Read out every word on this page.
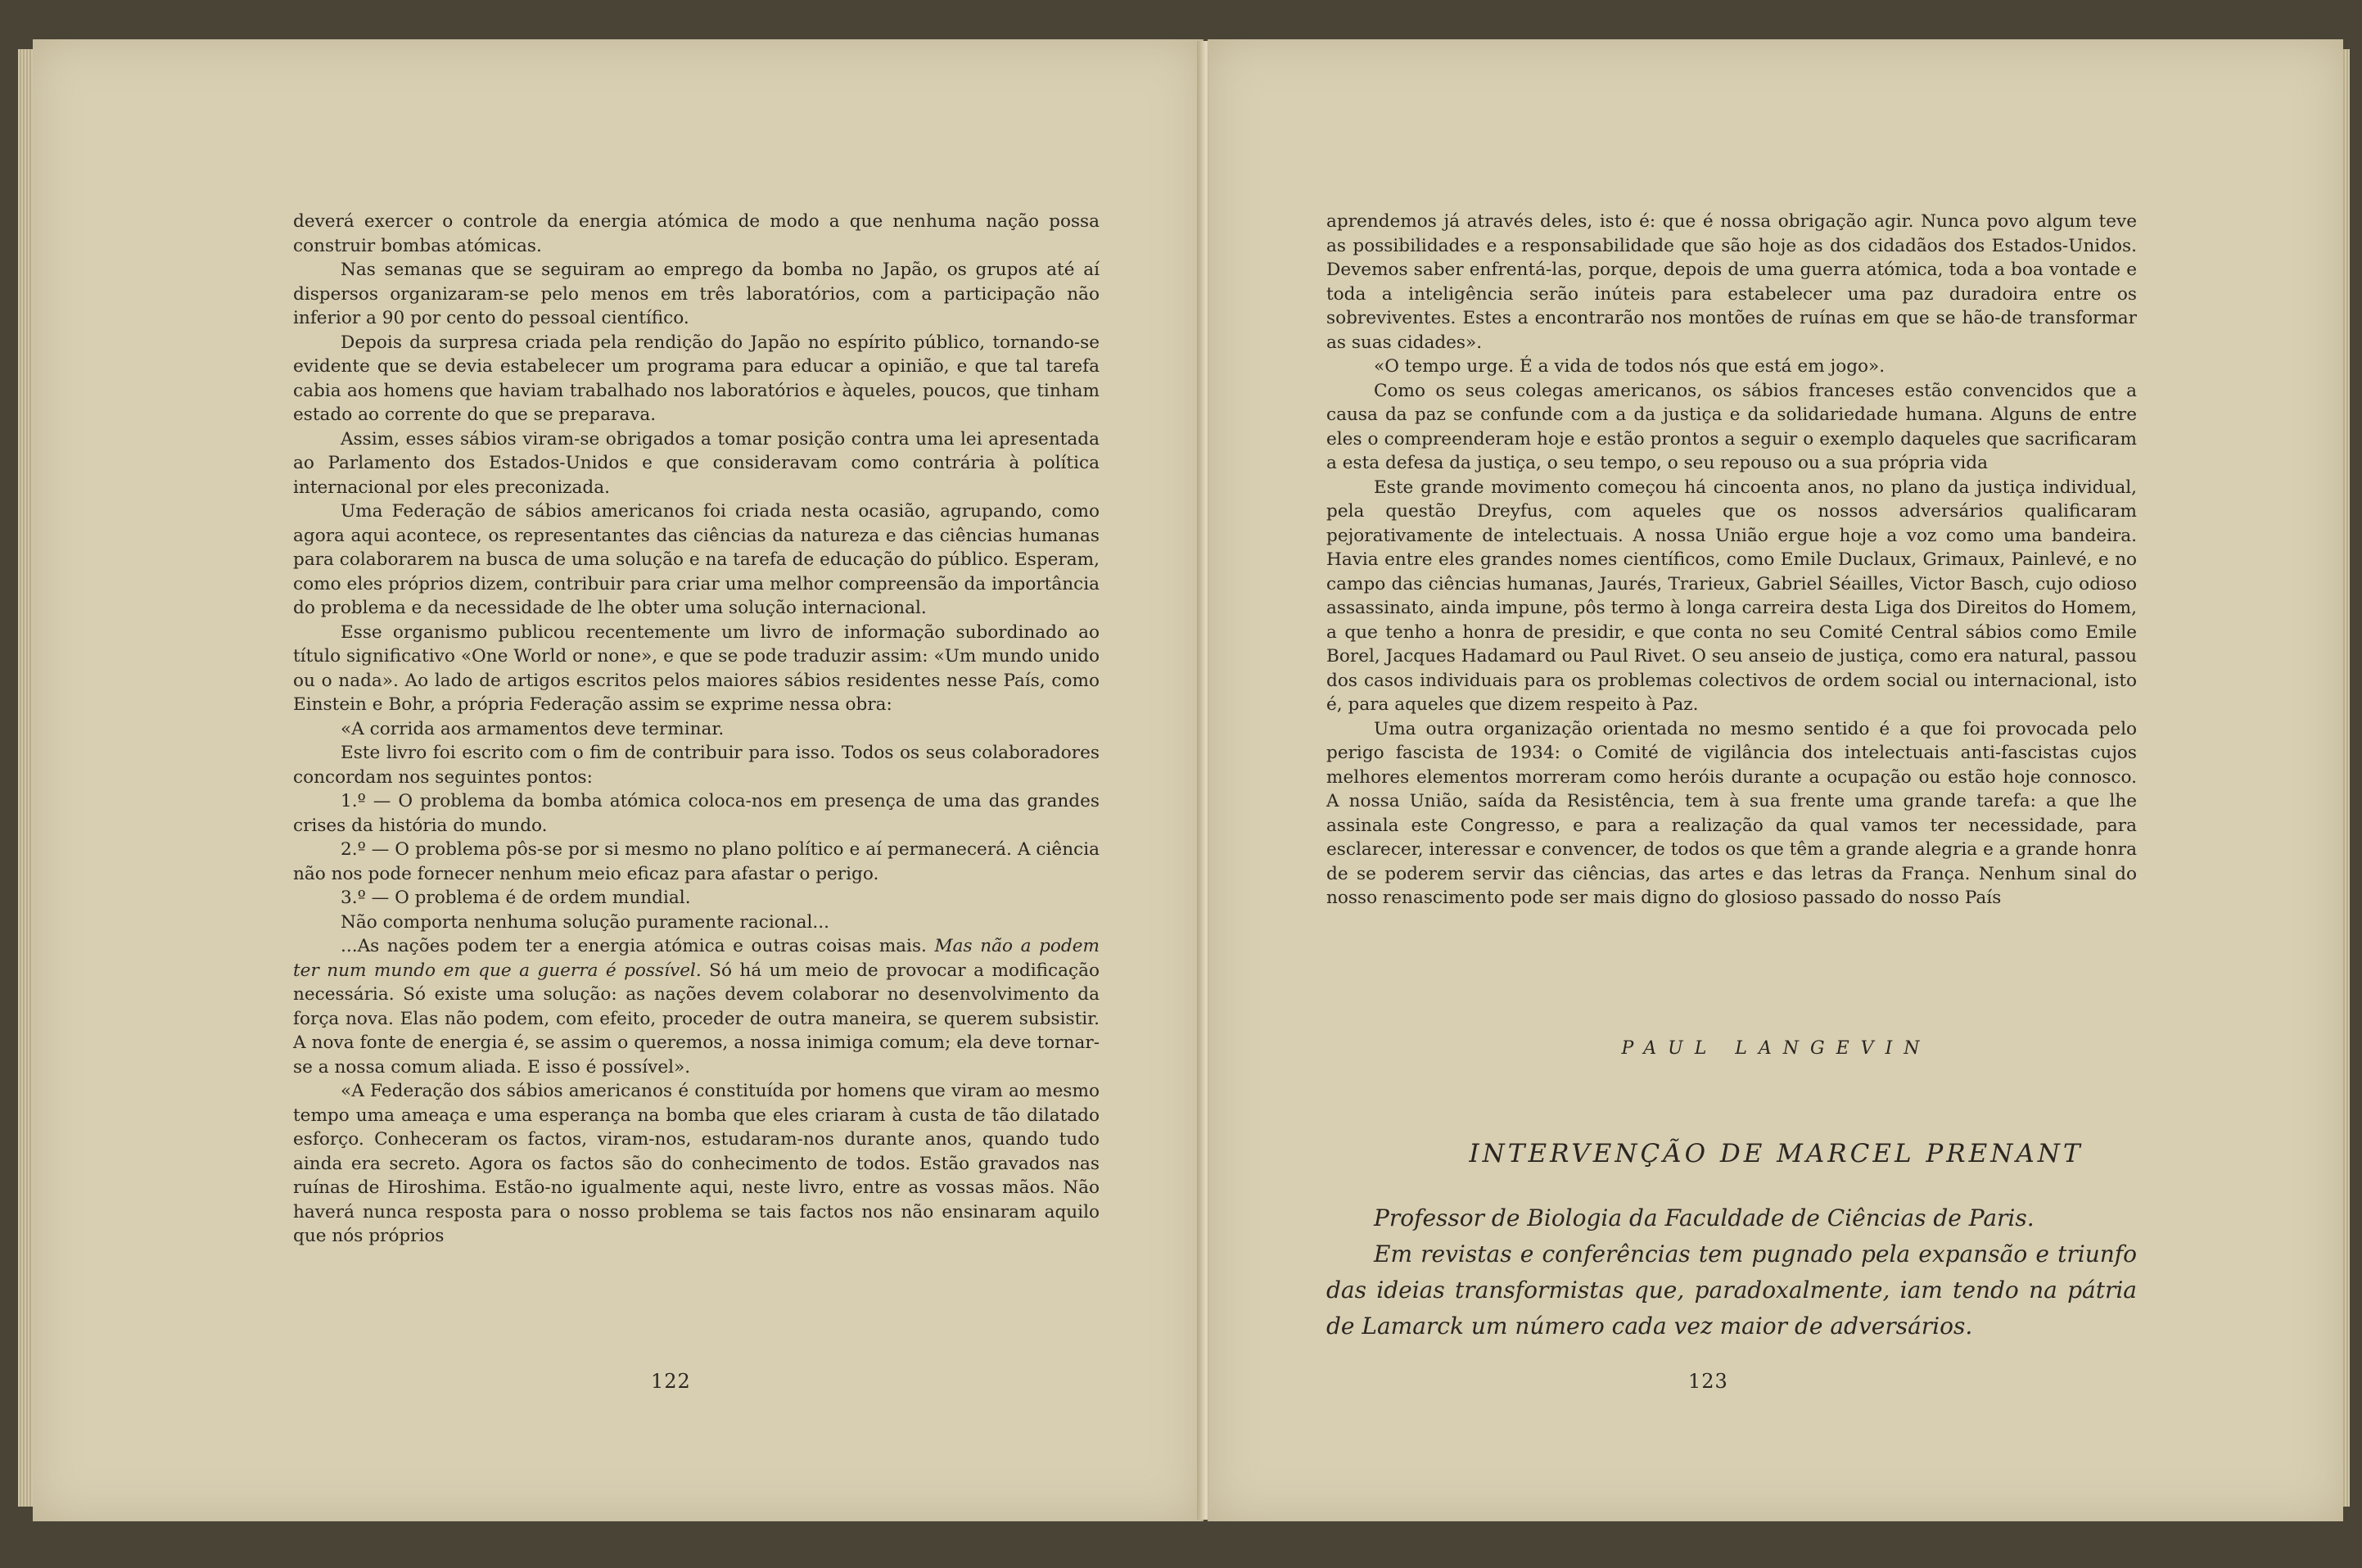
deverá exercer o controle da energia atómica de modo a que nenhuma nação possa construir bombas atómicas.

Nas semanas que se seguiram ao emprego da bomba no Japão, os grupos até aí dispersos organizaram-se pelo menos em três laboratórios, com a participação não inferior a 90 por cento do pessoal científico.

Depois da surpresa criada pela rendição do Japão no espírito público, tornando-se evidente que se devia estabelecer um programa para educar a opinião, e que tal tarefa cabia aos homens que haviam trabalhado nos laboratórios e àqueles, poucos, que tinham estado ao corrente do que se preparava.

Assim, esses sábios viram-se obrigados a tomar posição contra uma lei apresentada ao Parlamento dos Estados-Unidos e que consideravam como contrária à política internacional por eles preconizada.

Uma Federação de sábios americanos foi criada nesta ocasião, agrupando, como agora aqui acontece, os representantes das ciências da natureza e das ciências humanas para colaborarem na busca de uma solução e na tarefa de educação do público. Esperam, como eles próprios dizem, contribuir para criar uma melhor compreensão da importância do problema e da necessidade de lhe obter uma solução internacional.

Esse organismo publicou recentemente um livro de informação subordinado ao título significativo «One World or none», e que se pode traduzir assim: «Um mundo unido ou o nada». Ao lado de artigos escritos pelos maiores sábios residentes nesse País, como Einstein e Bohr, a própria Federação assim se exprime nessa obra:

«A corrida aos armamentos deve terminar.

Este livro foi escrito com o fim de contribuir para isso. Todos os seus colaboradores concordam nos seguintes pontos:

1.º — O problema da bomba atómica coloca-nos em presença de uma das grandes crises da história do mundo.

2.º — O problema pôs-se por si mesmo no plano político e aí permanecerá. A ciência não nos pode fornecer nenhum meio eficaz para afastar o perigo.

3.º — O problema é de ordem mundial.

Não comporta nenhuma solução puramente racional...

...As nações podem ter a energia atómica e outras coisas mais. Mas não a podem ter num mundo em que a guerra é possível. Só há um meio de provocar a modificação necessária. Só existe uma solução: as nações devem colaborar no desenvolvimento da força nova. Elas não podem, com efeito, proceder de outra maneira, se querem subsistir. A nova fonte de energia é, se assim o queremos, a nossa inimiga comum; ela deve tornar-se a nossa comum aliada. E isso é possível».

«A Federação dos sábios americanos é constituída por homens que viram ao mesmo tempo uma ameaça e uma esperança na bomba que eles criaram à custa de tão dilatado esforço. Conheceram os factos, viram-nos, estudaram-nos durante anos, quando tudo ainda era secreto. Agora os factos são do conhecimento de todos. Estão gravados nas ruínas de Hiroshima. Estão-no igualmente aqui, neste livro, entre as vossas mãos. Não haverá nunca resposta para o nosso problema se tais factos nos não ensinaram aquilo que nós próprios

122

aprendemos já através deles, isto é: que é nossa obrigação agir. Nunca povo algum teve as possibilidades e a responsabilidade que são hoje as dos cidadãos dos Estados-Unidos. Devemos saber enfrentá-las, porque, depois de uma guerra atómica, toda a boa vontade e toda a inteligência serão inúteis para estabelecer uma paz duradoira entre os sobreviventes. Estes a encontrarão nos montões de ruínas em que se hão-de transformar as suas cidades».

«O tempo urge. É a vida de todos nós que está em jogo».

Como os seus colegas americanos, os sábios franceses estão convencidos que a causa da paz se confunde com a da justiça e da solidariedade humana. Alguns de entre eles o compreenderam hoje e estão prontos a seguir o exemplo daqueles que sacrificaram a esta defesa da justiça, o seu tempo, o seu repouso ou a sua própria vida

Este grande movimento começou há cincoenta anos, no plano da justiça individual, pela questão Dreyfus, com aqueles que os nossos adversários qualificaram pejorativamente de intelectuais. A nossa União ergue hoje a voz como uma bandeira. Havia entre eles grandes nomes científicos, como Emile Duclaux, Grimaux, Painlevé, e no campo das ciências humanas, Jaurés, Trarieux, Gabriel Séailles, Victor Basch, cujo odioso assassinato, ainda impune, pôs termo à longa carreira desta Liga dos Direitos do Homem, a que tenho a honra de presidir, e que conta no seu Comité Central sábios como Emile Borel, Jacques Hadamard ou Paul Rivet. O seu anseio de justiça, como era natural, passou dos casos individuais para os problemas colectivos de ordem social ou internacional, isto é, para aqueles que dizem respeito à Paz.

Uma outra organização orientada no mesmo sentido é a que foi provocada pelo perigo fascista de 1934: o Comité de vigilância dos intelectuais anti-fascistas cujos melhores elementos morreram como heróis durante a ocupação ou estão hoje connosco. A nossa União, saída da Resistência, tem à sua frente uma grande tarefa: a que lhe assinala este Congresso, e para a realização da qual vamos ter necessidade, para esclarecer, interessar e convencer, de todos os que têm a grande alegria e a grande honra de se poderem servir das ciências, das artes e das letras da França. Nenhum sinal do nosso renascimento pode ser mais digno do glosioso passado do nosso País

PAUL LANGEVIN
INTERVENÇÃO DE MARCEL PRENANT

Professor de Biologia da Faculdade de Ciências de Paris.

Em revistas e conferências tem pugnado pela expansão e triunfo das ideias transformistas que, paradoxalmente, iam tendo na pátria de Lamarck um número cada vez maior de adversários.

123
